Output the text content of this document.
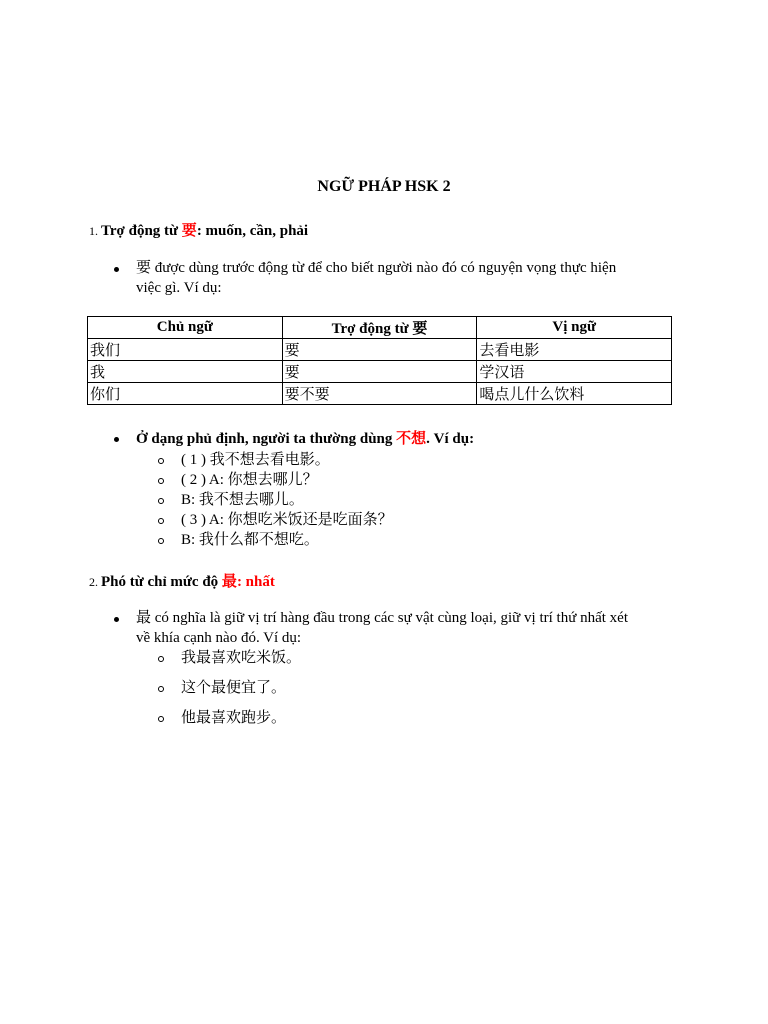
NGỮ PHÁP HSK 2
1. Trợ động từ 要: muốn, cần, phải
要 được dùng trước động từ để cho biết người nào đó có nguyện vọng thực hiện
việc gì. Ví dụ:
Chủ ngữ	Trợ động từ 要	Vị ngữ
我们	要	去看电影
我	要	学汉语
你们	要不要	喝点儿什么饮料
Ở dạng phủ định, người ta thường dùng 不想. Ví dụ:
( 1 ) 我不想去看电影。
( 2 ) A: 你想去哪儿？
B: 我不想去哪儿。
( 3 ) A: 你想吃米饭还是吃面条？
B: 我什么都不想吃。
2. Phó từ chỉ mức độ 最: nhất
最 có nghĩa là giữ vị trí hàng đầu trong các sự vật cùng loại, giữ vị trí thứ nhất xét
về khía cạnh nào đó. Ví dụ:
我最喜欢吃米饭。
这个最便宜了。
他最喜欢跑步。
